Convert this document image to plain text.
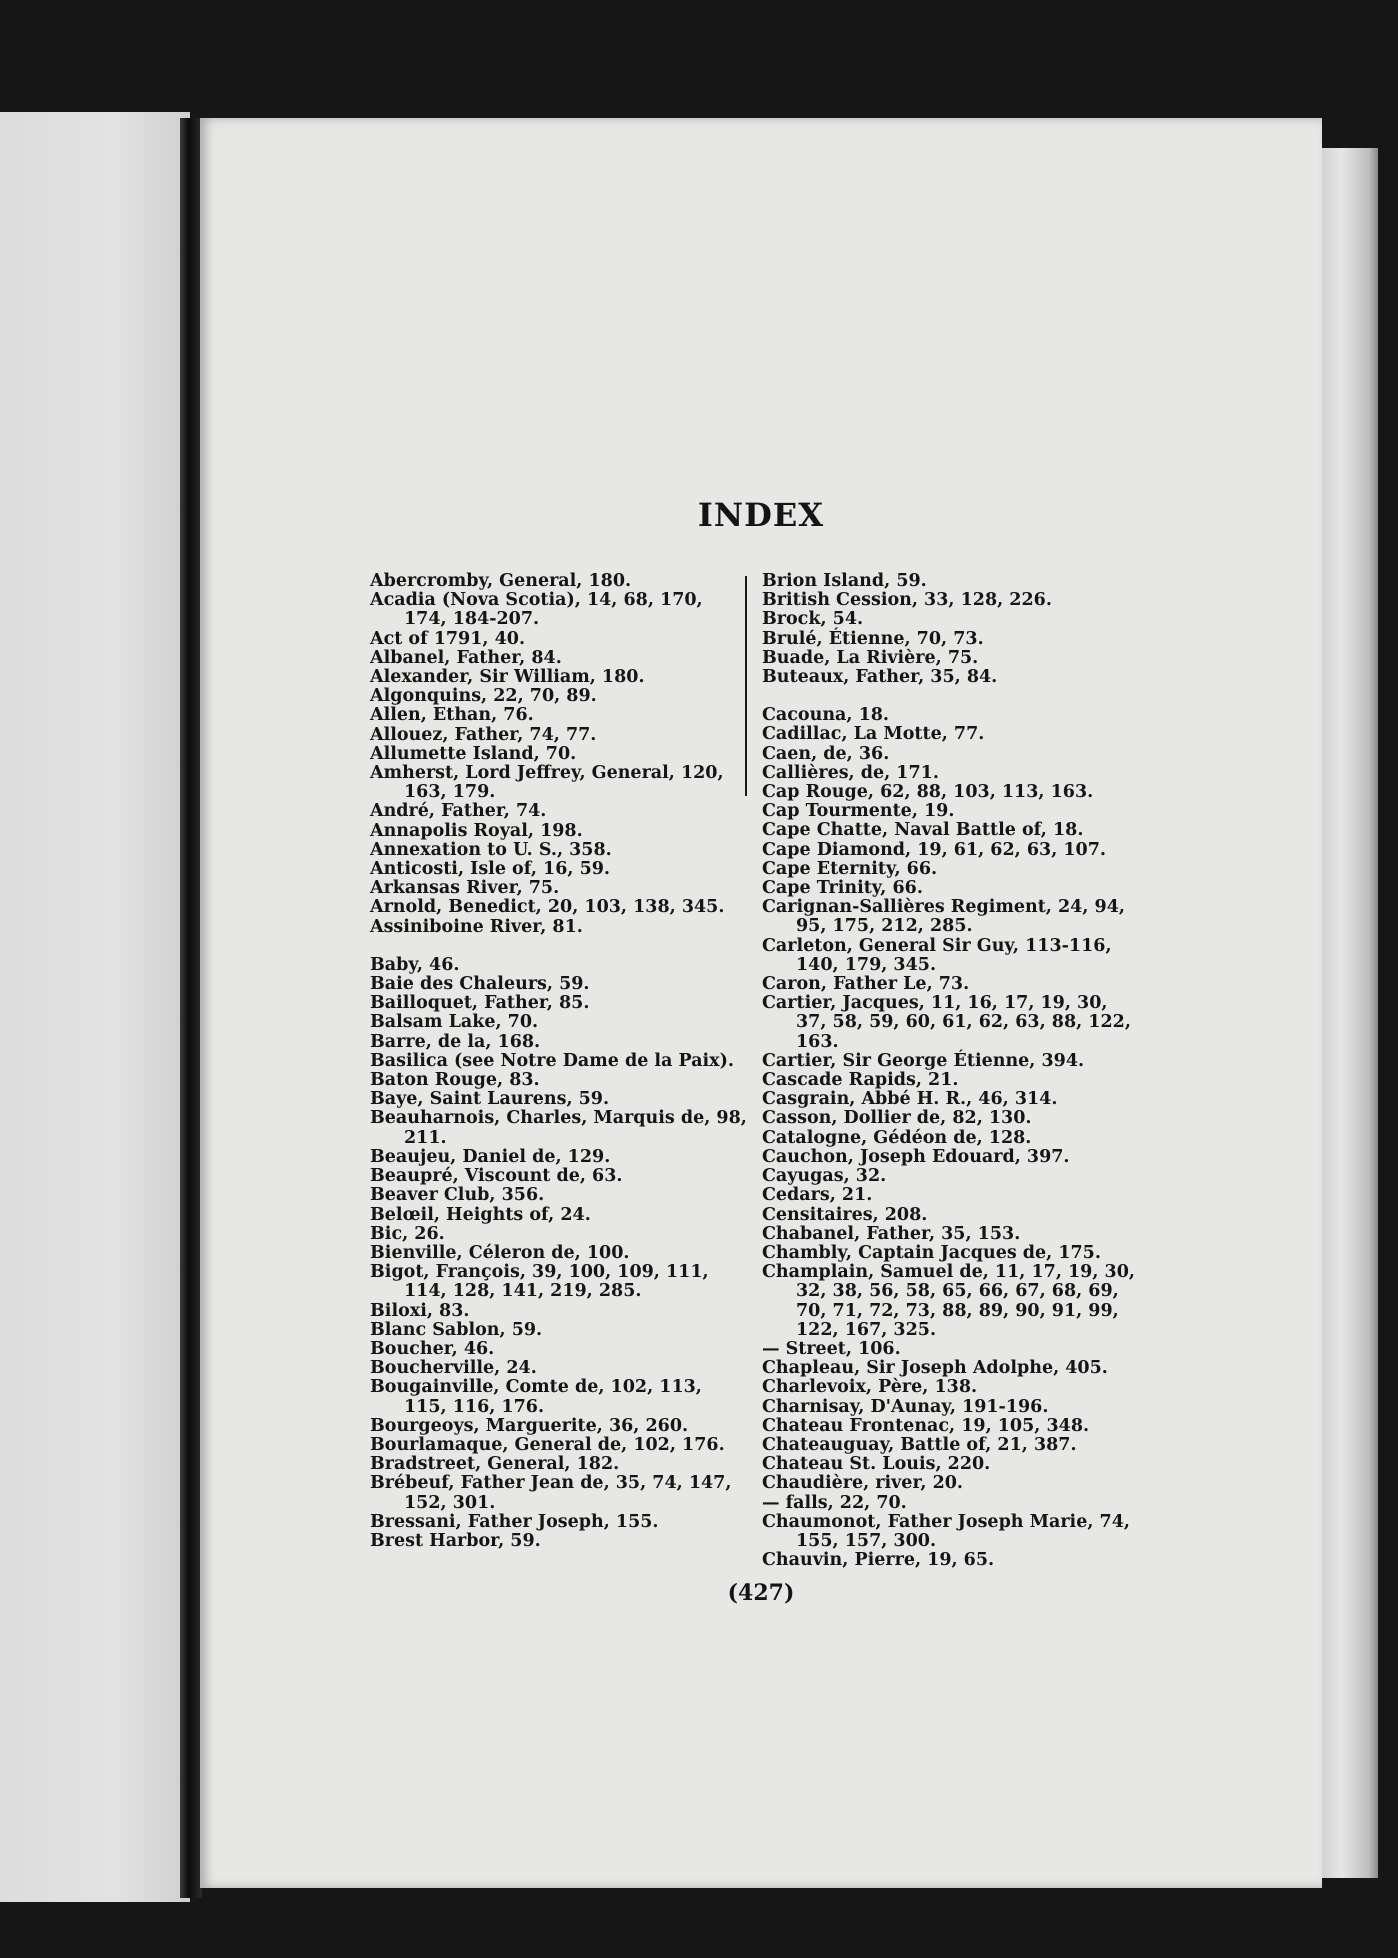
INDEX
Abercromby, General, 180.
Acadia (Nova Scotia), 14, 68, 170, 174, 184-207.
Act of 1791, 40.
Albanel, Father, 84.
Alexander, Sir William, 180.
Algonquins, 22, 70, 89.
Allen, Ethan, 76.
Allouez, Father, 74, 77.
Allumette Island, 70.
Amherst, Lord Jeffrey, General, 120, 163, 179.
André, Father, 74.
Annapolis Royal, 198.
Annexation to U. S., 358.
Anticosti, Isle of, 16, 59.
Arkansas River, 75.
Arnold, Benedict, 20, 103, 138, 345.
Assiniboine River, 81.
Baby, 46.
Baie des Chaleurs, 59.
Bailloquet, Father, 85.
Balsam Lake, 70.
Barre, de la, 168.
Basilica (see Notre Dame de la Paix).
Baton Rouge, 83.
Baye, Saint Laurens, 59.
Beauharnois, Charles, Marquis de, 98, 211.
Beaujeu, Daniel de, 129.
Beaupré, Viscount de, 63.
Beaver Club, 356.
Belœil, Heights of, 24.
Bic, 26.
Bienville, Céleron de, 100.
Bigot, François, 39, 100, 109, 111, 114, 128, 141, 219, 285.
Biloxi, 83.
Blanc Sablon, 59.
Boucher, 46.
Boucherville, 24.
Bougainville, Comte de, 102, 113, 115, 116, 176.
Bourgeoys, Marguerite, 36, 260.
Bourlamaque, General de, 102, 176.
Bradstreet, General, 182.
Brébeuf, Father Jean de, 35, 74, 147, 152, 301.
Bressani, Father Joseph, 155.
Brest Harbor, 59.
Brion Island, 59.
British Cession, 33, 128, 226.
Brock, 54.
Brulé, Étienne, 70, 73.
Buade, La Rivière, 75.
Buteaux, Father, 35, 84.
Cacouna, 18.
Cadillac, La Motte, 77.
Caen, de, 36.
Callières, de, 171.
Cap Rouge, 62, 88, 103, 113, 163.
Cap Tourmente, 19.
Cape Chatte, Naval Battle of, 18.
Cape Diamond, 19, 61, 62, 63, 107.
Cape Eternity, 66.
Cape Trinity, 66.
Carignan-Sallières Regiment, 24, 94, 95, 175, 212, 285.
Carleton, General Sir Guy, 113-116, 140, 179, 345.
Caron, Father Le, 73.
Cartier, Jacques, 11, 16, 17, 19, 30, 37, 58, 59, 60, 61, 62, 63, 88, 122, 163.
Cartier, Sir George Étienne, 394.
Cascade Rapids, 21.
Casgrain, Abbé H. R., 46, 314.
Casson, Dollier de, 82, 130.
Catalogne, Gédéon de, 128.
Cauchon, Joseph Edouard, 397.
Cayugas, 32.
Cedars, 21.
Censitaires, 208.
Chabanel, Father, 35, 153.
Chambly, Captain Jacques de, 175.
Champlain, Samuel de, 11, 17, 19, 30, 32, 38, 56, 58, 65, 66, 67, 68, 69, 70, 71, 72, 73, 88, 89, 90, 91, 99, 122, 167, 325.
— Street, 106.
Chapleau, Sir Joseph Adolphe, 405.
Charlevoix, Père, 138.
Charnisay, D'Aunay, 191-196.
Chateau Frontenac, 19, 105, 348.
Chateauguay, Battle of, 21, 387.
Chateau St. Louis, 220.
Chaudière, river, 20.
— falls, 22, 70.
Chaumonot, Father Joseph Marie, 74, 155, 157, 300.
Chauvin, Pierre, 19, 65.
(427)
